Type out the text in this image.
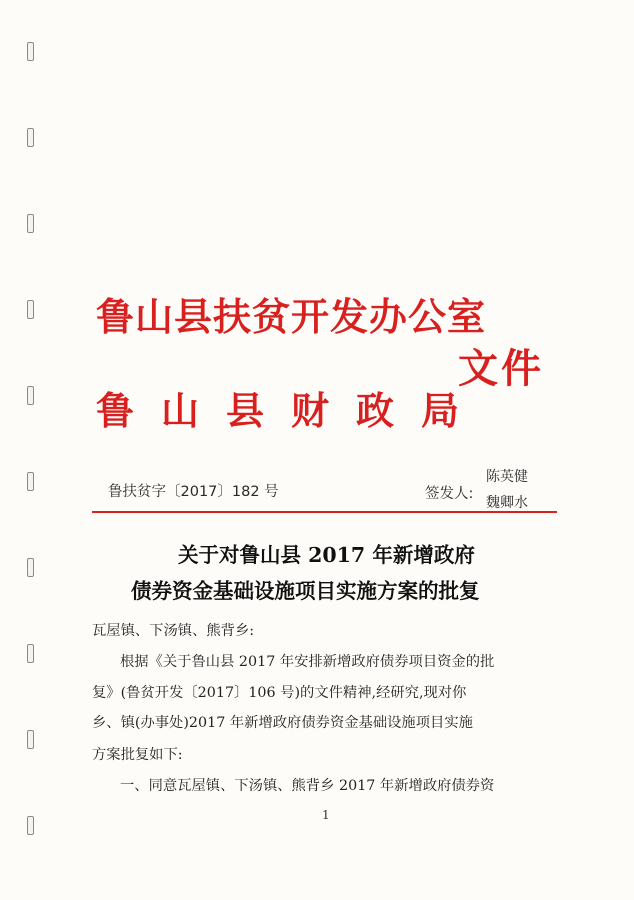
鲁山县扶贫开发办公室
鲁山县财政局
文件
鲁扶贫字〔2017〕182 号	签发人:
陈英健
魏卿水
关于对鲁山县 2017 年新增政府
债券资金基础设施项目实施方案的批复
瓦屋镇、下汤镇、熊背乡:
根据《关于鲁山县 2017 年安排新增政府债券项目资金的批
复》(鲁贫开发〔2017〕106 号)的文件精神,经研究,现对你
乡、镇(办事处)2017 年新增政府债券资金基础设施项目实施
方案批复如下:
一、同意瓦屋镇、下汤镇、熊背乡 2017 年新增政府债券资
1
